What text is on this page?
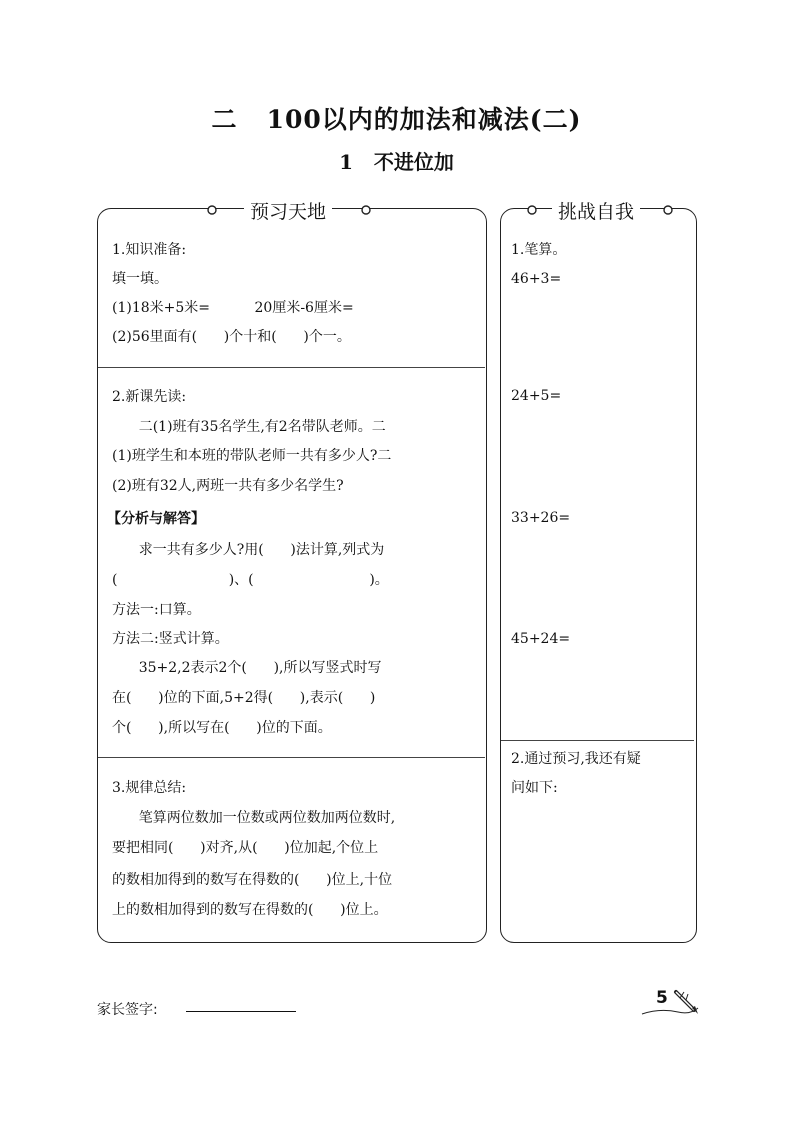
二   100以内的加法和减法(二)
1   不进位加
预习天地
1.知识准备:
填一填。
(1)18米+5米=          20厘米-6厘米=
(2)56里面有(      )个十和(      )个一。
2.新课先读:
二(1)班有35名学生,有2名带队老师。二
(1)班学生和本班的带队老师一共有多少人?二
(2)班有32人,两班一共有多少名学生?
【分析与解答】
求一共有多少人?用(      )法计算,列式为
(                         )、(                          )。
方法一:口算。
方法二:竖式计算。
35+2,2表示2个(      ),所以写竖式时写
在(      )位的下面,5+2得(      ),表示(      )
个(      ),所以写在(      )位的下面。
3.规律总结:
笔算两位数加一位数或两位数加两位数时,
要把相同(      )对齐,从(      )位加起,个位上
的数相加得到的数写在得数的(      )位上,十位
上的数相加得到的数写在得数的(      )位上。
挑战自我
1.笔算。
46+3=
24+5=
33+26=
45+24=
2.通过预习,我还有疑
问如下:
家长签字:
5
